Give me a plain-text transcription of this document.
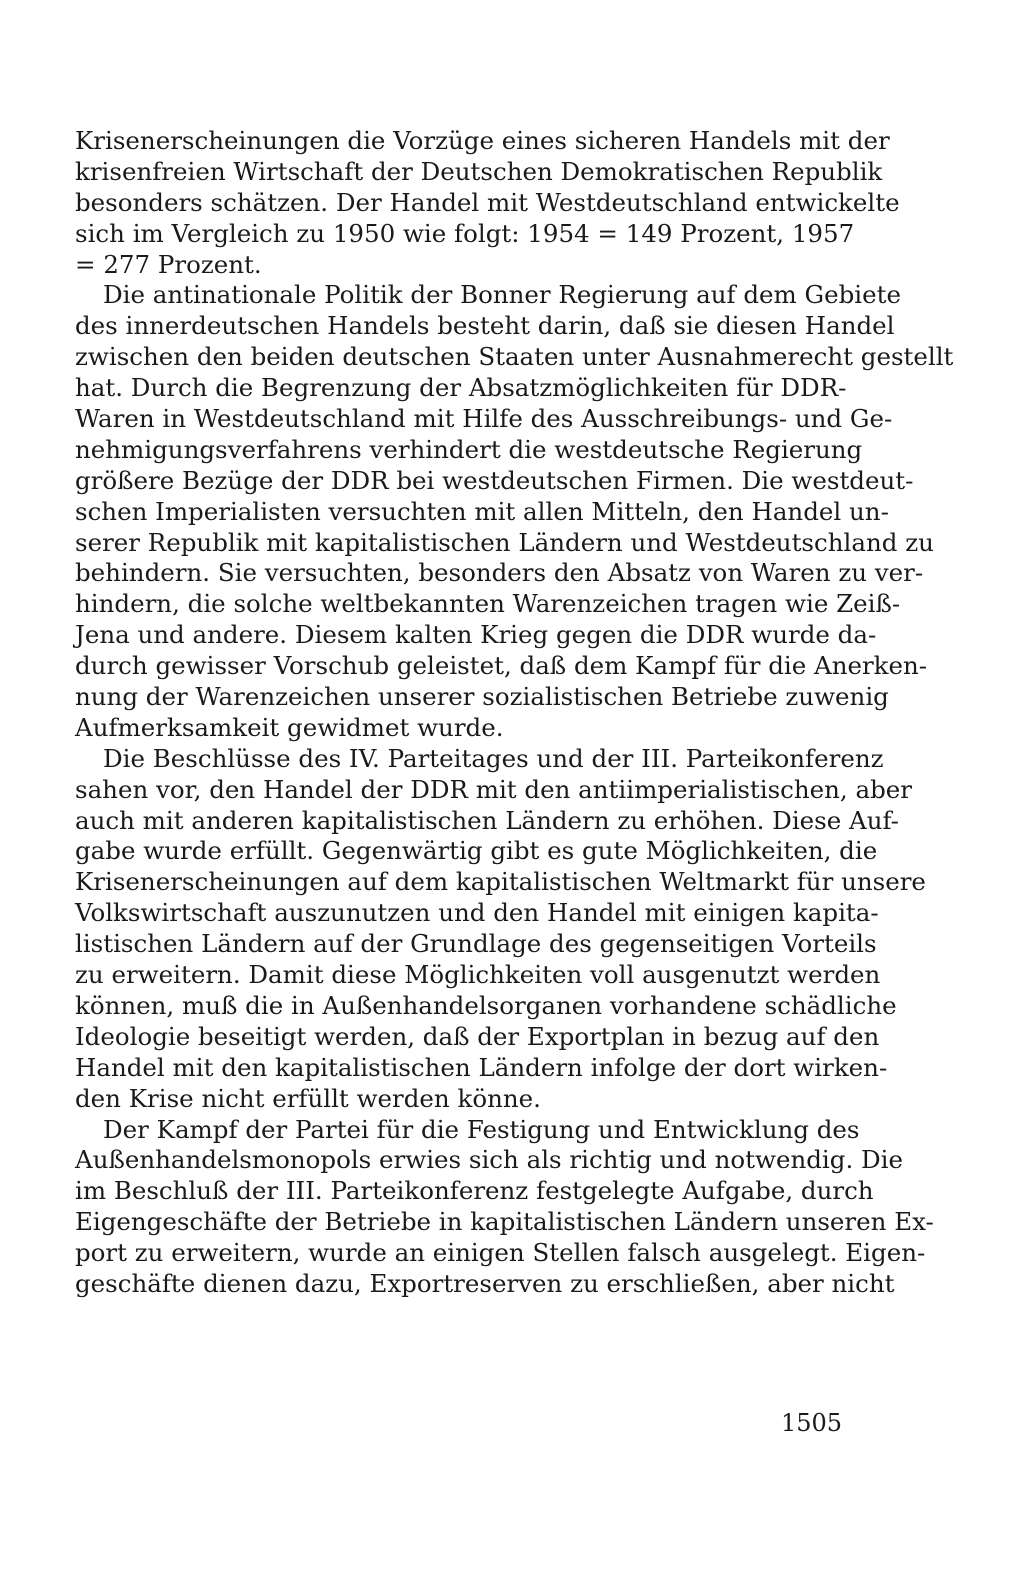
Krisenerscheinungen die Vorzüge eines sicheren Handels mit der
krisenfreien Wirtschaft der Deutschen Demokratischen Republik
besonders schätzen. Der Handel mit Westdeutschland entwickelte
sich im Vergleich zu 1950 wie folgt: 1954 = 149 Prozent, 1957
= 277 Prozent.
Die antinationale Politik der Bonner Regierung auf dem Gebiete
des innerdeutschen Handels besteht darin, daß sie diesen Handel
zwischen den beiden deutschen Staaten unter Ausnahmerecht gestellt
hat. Durch die Begrenzung der Absatzmöglichkeiten für DDR-
Waren in Westdeutschland mit Hilfe des Ausschreibungs- und Ge-
nehmigungsverfahrens verhindert die westdeutsche Regierung
größere Bezüge der DDR bei westdeutschen Firmen. Die westdeut-
schen Imperialisten versuchten mit allen Mitteln, den Handel un-
serer Republik mit kapitalistischen Ländern und Westdeutschland zu
behindern. Sie versuchten, besonders den Absatz von Waren zu ver-
hindern, die solche weltbekannten Warenzeichen tragen wie Zeiß-
Jena und andere. Diesem kalten Krieg gegen die DDR wurde da-
durch gewisser Vorschub geleistet, daß dem Kampf für die Anerken-
nung der Warenzeichen unserer sozialistischen Betriebe zuwenig
Aufmerksamkeit gewidmet wurde.
Die Beschlüsse des IV. Parteitages und der III. Parteikonferenz
sahen vor, den Handel der DDR mit den antiimperialistischen, aber
auch mit anderen kapitalistischen Ländern zu erhöhen. Diese Auf-
gabe wurde erfüllt. Gegenwärtig gibt es gute Möglichkeiten, die
Krisenerscheinungen auf dem kapitalistischen Weltmarkt für unsere
Volkswirtschaft auszunutzen und den Handel mit einigen kapita-
listischen Ländern auf der Grundlage des gegenseitigen Vorteils
zu erweitern. Damit diese Möglichkeiten voll ausgenutzt werden
können, muß die in Außenhandelsorganen vorhandene schädliche
Ideologie beseitigt werden, daß der Exportplan in bezug auf den
Handel mit den kapitalistischen Ländern infolge der dort wirken-
den Krise nicht erfüllt werden könne.
Der Kampf der Partei für die Festigung und Entwicklung des
Außenhandelsmonopols erwies sich als richtig und notwendig. Die
im Beschluß der III. Parteikonferenz festgelegte Aufgabe, durch
Eigengeschäfte der Betriebe in kapitalistischen Ländern unseren Ex-
port zu erweitern, wurde an einigen Stellen falsch ausgelegt. Eigen-
geschäfte dienen dazu, Exportreserven zu erschließen, aber nicht
1505
